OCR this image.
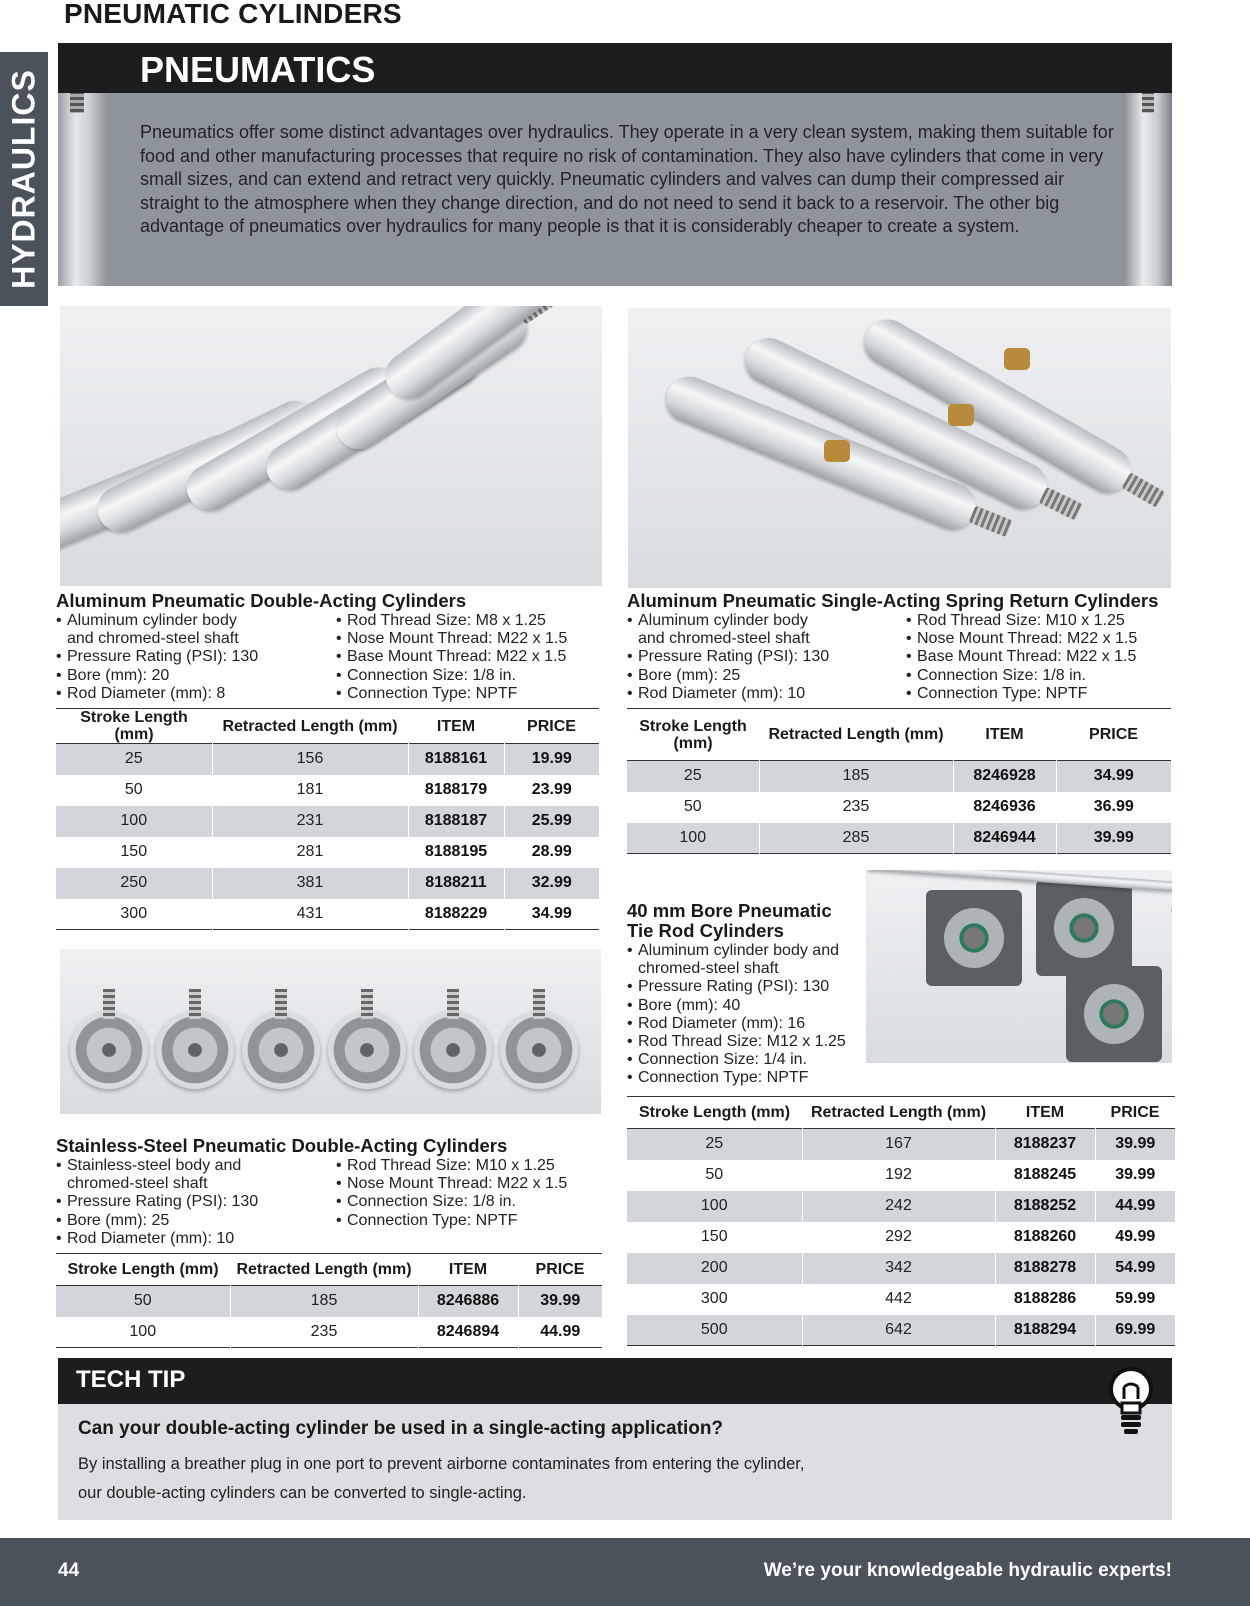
PNEUMATIC CYLINDERS
HYDRAULICS	PNEUMATICS
Pneumatics offer some distinct advantages over hydraulics. They operate in a very clean system, making them suitable for food and other manufacturing processes that require no risk of contamination. They also have cylinders that come in very small sizes, and can extend and retract very quickly. Pneumatic cylinders and valves can dump their compressed air straight to the atmosphere when they change direction, and do not need to send it back to a reservoir. The other big advantage of pneumatics over hydraulics for many people is that it is considerably cheaper to create a system.
Aluminum Pneumatic Double-Acting Cylinders
• Aluminum cylinder body and chromed-steel shaft
• Pressure Rating (PSI): 130
• Bore (mm): 20
• Rod Diameter (mm): 8
• Rod Thread Size: M8 x 1.25
• Nose Mount Thread: M22 x 1.5
• Base Mount Thread: M22 x 1.5
• Connection Size: 1/8 in.
• Connection Type: NPTF
Stroke Length (mm)	Retracted Length (mm)	ITEM	PRICE
25	156	8188161	19.99
50	181	8188179	23.99
100	231	8188187	25.99
150	281	8188195	28.99
250	381	8188211	32.99
300	431	8188229	34.99
Aluminum Pneumatic Single-Acting Spring Return Cylinders
• Aluminum cylinder body and chromed-steel shaft
• Pressure Rating (PSI): 130
• Bore (mm): 25
• Rod Diameter (mm): 10
• Rod Thread Size: M10 x 1.25
• Nose Mount Thread: M22 x 1.5
• Base Mount Thread: M22 x 1.5
• Connection Size: 1/8 in.
• Connection Type: NPTF
Stroke Length (mm)	Retracted Length (mm)	ITEM	PRICE
25	185	8246928	34.99
50	235	8246936	36.99
100	285	8246944	39.99
40 mm Bore Pneumatic
Tie Rod Cylinders
• Aluminum cylinder body and chromed-steel shaft
• Pressure Rating (PSI): 130
• Bore (mm): 40
• Rod Diameter (mm): 16
• Rod Thread Size: M12 x 1.25
• Connection Size: 1/4 in.
• Connection Type: NPTF
Stroke Length (mm)	Retracted Length (mm)	ITEM	PRICE
25	167	8188237	39.99
50	192	8188245	39.99
100	242	8188252	44.99
150	292	8188260	49.99
200	342	8188278	54.99
300	442	8188286	59.99
500	642	8188294	69.99
Stainless-Steel Pneumatic Double-Acting Cylinders
• Stainless-steel body and chromed-steel shaft
• Pressure Rating (PSI): 130
• Bore (mm): 25
• Rod Diameter (mm): 10
• Rod Thread Size: M10 x 1.25
• Nose Mount Thread: M22 x 1.5
• Connection Size: 1/8 in.
• Connection Type: NPTF
Stroke Length (mm)	Retracted Length (mm)	ITEM	PRICE
50	185	8246886	39.99
100	235	8246894	44.99
TECH TIP
Can your double-acting cylinder be used in a single-acting application?
By installing a breather plug in one port to prevent airborne contaminates from entering the cylinder,
our double-acting cylinders can be converted to single-acting.
44	We’re your knowledgeable hydraulic experts!
